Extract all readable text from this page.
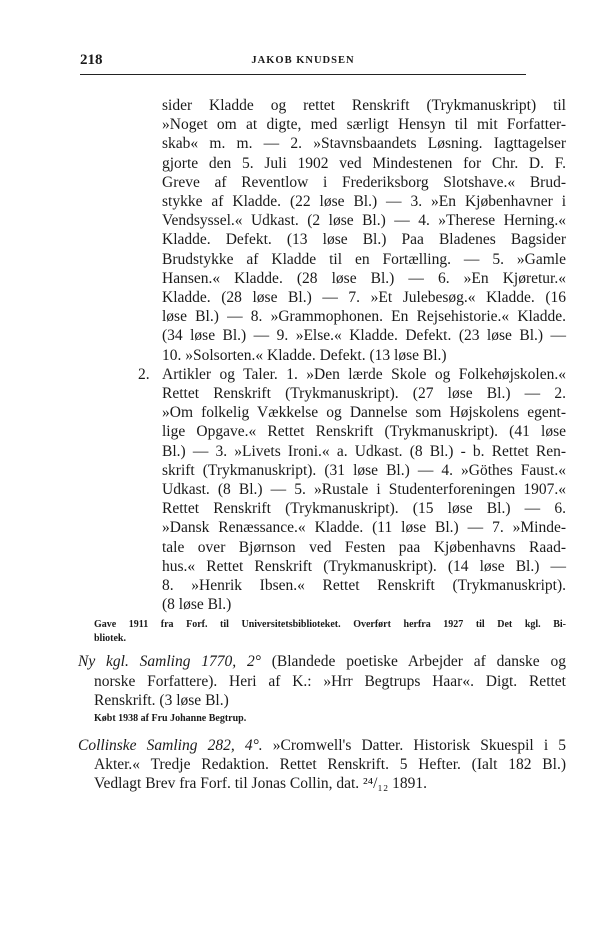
218	JAKOB KNUDSEN
sider Kladde og rettet Renskrift (Trykmanuskript) til
»Noget om at digte, med særligt Hensyn til mit Forfatter-
skab« m. m. — 2. »Stavnsbaandets Løsning. Iagttagelser
gjorte den 5. Juli 1902 ved Mindestenen for Chr. D. F.
Greve af Reventlow i Frederiksborg Slotshave.« Brud-
stykke af Kladde. (22 løse Bl.) — 3. »En Kjøbenhavner i
Vendsyssel.« Udkast. (2 løse Bl.) — 4. »Therese Herning.«
Kladde. Defekt. (13 løse Bl.) Paa Bladenes Bagsider
Brudstykke af Kladde til en Fortælling. — 5. »Gamle
Hansen.« Kladde. (28 løse Bl.) — 6. »En Kjøretur.«
Kladde. (28 løse Bl.) — 7. »Et Julebesøg.« Kladde. (16
løse Bl.) — 8. »Grammophonen. En Rejsehistorie.« Kladde.
(34 løse Bl.) — 9. »Else.« Kladde. Defekt. (23 løse Bl.) —
10. »Solsorten.« Kladde. Defekt. (13 løse Bl.)
2. Artikler og Taler. 1. »Den lærde Skole og Folkehøjskolen.«
Rettet Renskrift (Trykmanuskript). (27 løse Bl.) — 2.
»Om folkelig Vækkelse og Dannelse som Højskolens egent-
lige Opgave.« Rettet Renskrift (Trykmanuskript). (41 løse
Bl.) — 3. »Livets Ironi.« a. Udkast. (8 Bl.) - b. Rettet Ren-
skrift (Trykmanuskript). (31 løse Bl.) — 4. »Göthes Faust.«
Udkast. (8 Bl.) — 5. »Rustale i Studenterforeningen 1907.«
Rettet Renskrift (Trykmanuskript). (15 løse Bl.) — 6.
»Dansk Renæssance.« Kladde. (11 løse Bl.) — 7. »Minde-
tale over Bjørnson ved Festen paa Kjøbenhavns Raad-
hus.« Rettet Renskrift (Trykmanuskript). (14 løse Bl.) —
8. »Henrik Ibsen.« Rettet Renskrift (Trykmanuskript).
(8 løse Bl.)
Gave 1911 fra Forf. til Universitetsbiblioteket. Overført herfra 1927 til Det kgl. Bi-
bliotek.
Ny kgl. Samling 1770, 2° (Blandede poetiske Arbejder af danske og
norske Forfattere). Heri af K.: »Hrr Begtrups Haar«. Digt. Rettet
Renskrift. (3 løse Bl.)
Købt 1938 af Fru Johanne Begtrup.
Collinske Samling 282, 4°. »Cromwell's Datter. Historisk Skuespil i 5
Akter.« Tredje Redaktion. Rettet Renskrift. 5 Hefter. (Ialt 182 Bl.)
Vedlagt Brev fra Forf. til Jonas Collin, dat. ²⁴/₁₂ 1891.
